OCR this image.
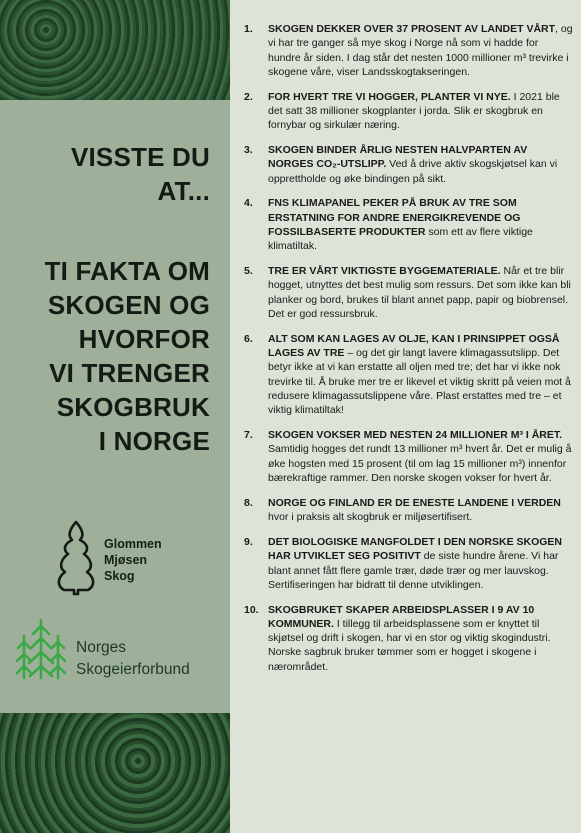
VISSTE DU
AT...
TI FAKTA OM
SKOGEN OG
HVORFOR
VI TRENGER
SKOGBRUK
I NORGE
Glommen
Mjøsen
Skog
Norges
Skogeierforbund
1. SKOGEN DEKKER OVER 37 PROSENT AV LANDET VÅRT, og vi har tre ganger så mye skog i Norge nå som vi hadde for hundre år siden. I dag står det nesten 1000 millioner m³ trevirke i skogene våre, viser Landsskogtakseringen.
2. FOR HVERT TRE VI HOGGER, PLANTER VI NYE. I 2021 ble det satt 38 millioner skogplanter i jorda. Slik er skogbruk en fornybar og sirkulær næring.
3. SKOGEN BINDER ÅRLIG NESTEN HALVPARTEN AV NORGES CO₂-UTSLIPP. Ved å drive aktiv skogskjøtsel kan vi opprettholde og øke bindingen på sikt.
4. FNS KLIMAPANEL PEKER PÅ BRUK AV TRE SOM ERSTATNING FOR ANDRE ENERGIKREVENDE OG FOSSILBASERTE PRODUKTER som ett av flere viktige klimatiltak.
5. TRE ER VÅRT VIKTIGSTE BYGGEMATERIALE. Når et tre blir hogget, utnyttes det best mulig som ressurs. Det som ikke kan bli planker og bord, brukes til blant annet papp, papir og biobrensel. Det er god ressursbruk.
6. ALT SOM KAN LAGES AV OLJE, KAN I PRINSIPPET OGSÅ LAGES AV TRE – og det gir langt lavere klimagassutslipp. Det betyr ikke at vi kan erstatte all oljen med tre; det har vi ikke nok trevirke til. Å bruke mer tre er likevel et viktig skritt på veien mot å redusere klimagassutslippene våre. Plast erstattes med tre – et viktig klimatiltak!
7. SKOGEN VOKSER MED NESTEN 24 MILLIONER M³ I ÅRET. Samtidig hogges det rundt 13 millioner m³ hvert år. Det er mulig å øke hogsten med 15 prosent (til om lag 15 millioner m³) innenfor bærekraftige rammer. Den norske skogen vokser for hvert år.
8. NORGE OG FINLAND ER DE ENESTE LANDENE I VERDEN hvor i praksis alt skogbruk er miljøsertifisert.
9. DET BIOLOGISKE MANGFOLDET I DEN NORSKE SKOGEN HAR UTVIKLET SEG POSITIVT de siste hundre årene. Vi har blant annet fått flere gamle trær, døde trær og mer lauvskog. Sertifiseringen har bidratt til denne utviklingen.
10. SKOGBRUKET SKAPER ARBEIDSPLASSER I 9 AV 10 KOMMUNER. I tillegg til arbeidsplassene som er knyttet til skjøtsel og drift i skogen, har vi en stor og viktig skogindustri. Norske sagbruk bruker tømmer som er hogget i skogene i nærområdet.
